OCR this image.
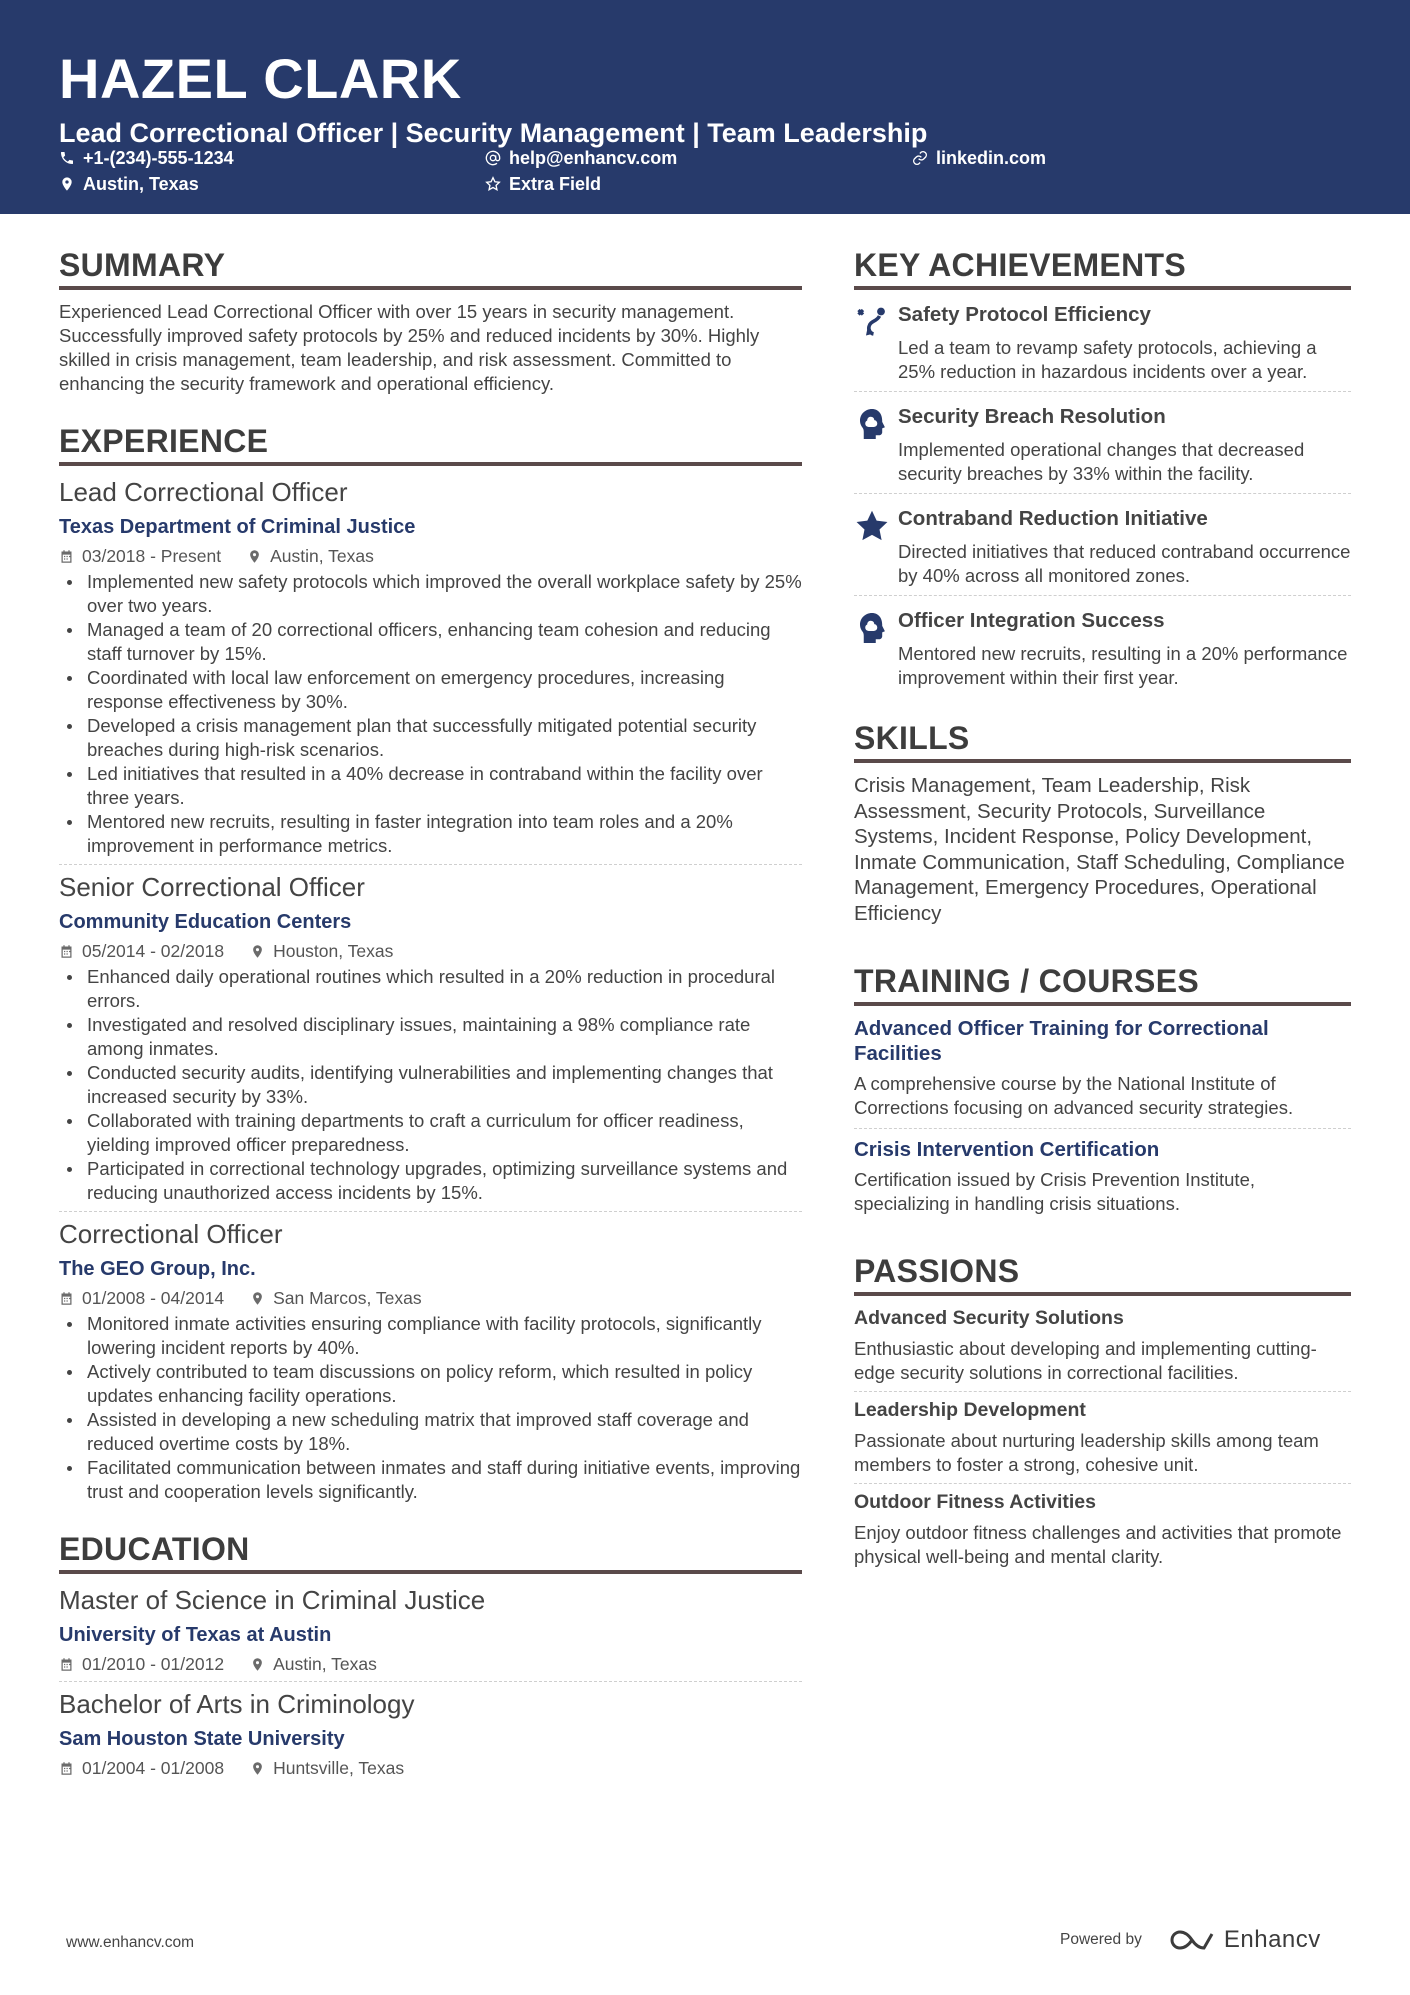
HAZEL CLARK
Lead Correctional Officer | Security Management | Team Leadership
+1-(234)-555-1234	help@enhancv.com	linkedin.com
Austin, Texas	Extra Field
SUMMARY
Experienced Lead Correctional Officer with over 15 years in security management. Successfully improved safety protocols by 25% and reduced incidents by 30%. Highly skilled in crisis management, team leadership, and risk assessment. Committed to enhancing the security framework and operational efficiency.
EXPERIENCE
Lead Correctional Officer
Texas Department of Criminal Justice
03/2018 - Present	Austin, Texas
Implemented new safety protocols which improved the overall workplace safety by 25% over two years.
Managed a team of 20 correctional officers, enhancing team cohesion and reducing staff turnover by 15%.
Coordinated with local law enforcement on emergency procedures, increasing response effectiveness by 30%.
Developed a crisis management plan that successfully mitigated potential security breaches during high-risk scenarios.
Led initiatives that resulted in a 40% decrease in contraband within the facility over three years.
Mentored new recruits, resulting in faster integration into team roles and a 20% improvement in performance metrics.
Senior Correctional Officer
Community Education Centers
05/2014 - 02/2018	Houston, Texas
Enhanced daily operational routines which resulted in a 20% reduction in procedural errors.
Investigated and resolved disciplinary issues, maintaining a 98% compliance rate among inmates.
Conducted security audits, identifying vulnerabilities and implementing changes that increased security by 33%.
Collaborated with training departments to craft a curriculum for officer readiness, yielding improved officer preparedness.
Participated in correctional technology upgrades, optimizing surveillance systems and reducing unauthorized access incidents by 15%.
Correctional Officer
The GEO Group, Inc.
01/2008 - 04/2014	San Marcos, Texas
Monitored inmate activities ensuring compliance with facility protocols, significantly lowering incident reports by 40%.
Actively contributed to team discussions on policy reform, which resulted in policy updates enhancing facility operations.
Assisted in developing a new scheduling matrix that improved staff coverage and reduced overtime costs by 18%.
Facilitated communication between inmates and staff during initiative events, improving trust and cooperation levels significantly.
EDUCATION
Master of Science in Criminal Justice
University of Texas at Austin
01/2010 - 01/2012	Austin, Texas
Bachelor of Arts in Criminology
Sam Houston State University
01/2004 - 01/2008	Huntsville, Texas
KEY ACHIEVEMENTS
Safety Protocol Efficiency
Led a team to revamp safety protocols, achieving a 25% reduction in hazardous incidents over a year.
Security Breach Resolution
Implemented operational changes that decreased security breaches by 33% within the facility.
Contraband Reduction Initiative
Directed initiatives that reduced contraband occurrence by 40% across all monitored zones.
Officer Integration Success
Mentored new recruits, resulting in a 20% performance improvement within their first year.
SKILLS
Crisis Management, Team Leadership, Risk Assessment, Security Protocols, Surveillance Systems, Incident Response, Policy Development, Inmate Communication, Staff Scheduling, Compliance Management, Emergency Procedures, Operational Efficiency
TRAINING / COURSES
Advanced Officer Training for Correctional Facilities
A comprehensive course by the National Institute of Corrections focusing on advanced security strategies.
Crisis Intervention Certification
Certification issued by Crisis Prevention Institute, specializing in handling crisis situations.
PASSIONS
Advanced Security Solutions
Enthusiastic about developing and implementing cutting-edge security solutions in correctional facilities.
Leadership Development
Passionate about nurturing leadership skills among team members to foster a strong, cohesive unit.
Outdoor Fitness Activities
Enjoy outdoor fitness challenges and activities that promote physical well-being and mental clarity.
www.enhancv.com	Powered by	Enhancv
